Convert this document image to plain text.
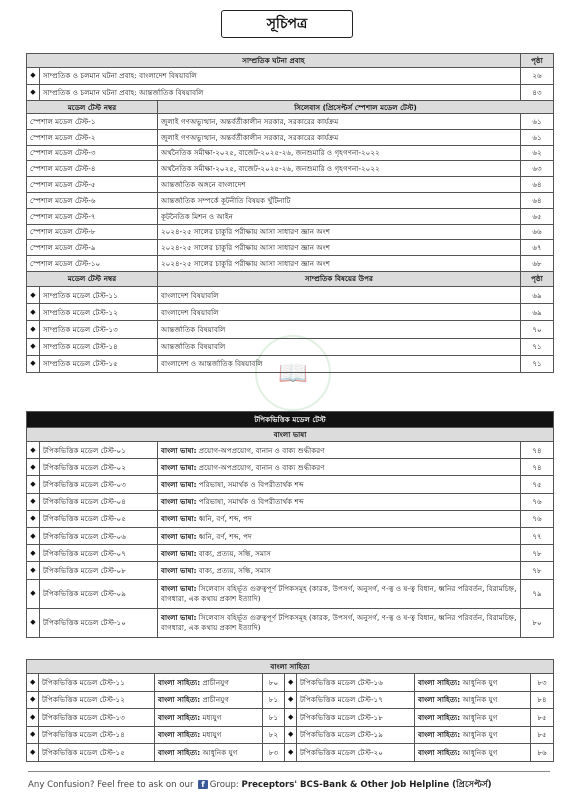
সূচিপত্র
📖
সাম্প্রতিক ঘটনা প্রবাহ			পৃষ্ঠা
◆	সাম্প্রতিক ও চলমান ঘটনা প্রবাহ: বাংলাদেশ বিষয়াবলি		২৬
◆	সাম্প্রতিক ও চলমান ঘটনা প্রবাহ: আন্তর্জাতিক বিষয়াবলি		৪৩
মডেল টেস্ট নম্বর		সিলেবাস (প্রিসেপ্টর্স স্পেশাল মডেল টেস্ট)	
স্পেশাল মডেল টেস্ট-১		জুলাই গণঅভ্যুত্থান, অন্তর্বর্তীকালীন সরকার, সরকারের কার্যক্রম	৬১
স্পেশাল মডেল টেস্ট-২		জুলাই গণঅভ্যুত্থান, অন্তর্বর্তীকালীন সরকার, সরকারের কার্যক্রম	৬১
স্পেশাল মডেল টেস্ট-৩		অর্থনৈতিক সমীক্ষা-২০২৫, বাজেট-২০২৫-২৬, জনশুমারি ও গৃহগণনা-২০২২	৬২
স্পেশাল মডেল টেস্ট-৪		অর্থনৈতিক সমীক্ষা-২০২৫, বাজেট-২০২৫-২৬, জনশুমারি ও গৃহগণনা-২০২২	৬৩
স্পেশাল মডেল টেস্ট-৫		আন্তর্জাতিক অঙ্গনে বাংলাদেশ	৬৪
স্পেশাল মডেল টেস্ট-৬		আন্তর্জাতিক সম্পর্কে কূটনীতি বিষয়ক খুঁটিনাটি	৬৪
স্পেশাল মডেল টেস্ট-৭		কূটনৈতিক মিশন ও আইন	৬৫
স্পেশাল মডেল টেস্ট-৮		২০২৪-২৫ সালের চাকুরি পরীক্ষায় আসা সাধারণ জ্ঞান অংশ	৬৬
স্পেশাল মডেল টেস্ট-৯		২০২৪-২৫ সালের চাকুরি পরীক্ষায় আসা সাধারণ জ্ঞান অংশ	৬৭
স্পেশাল মডেল টেস্ট-১০		২০২৪-২৫ সালের চাকুরি পরীক্ষায় আসা সাধারণ জ্ঞান অংশ	৬৮
মডেল টেস্ট নম্বর		সাম্প্রতিক বিষয়ের উপর	পৃষ্ঠা
◆	সাম্প্রতিক মডেল টেস্ট-১১	বাংলাদেশ বিষয়াবলি	৬৯
◆	সাম্প্রতিক মডেল টেস্ট-১২	বাংলাদেশ বিষয়াবলি	৬৯
◆	সাম্প্রতিক মডেল টেস্ট-১৩	আন্তর্জাতিক বিষয়াবলি	৭০
◆	সাম্প্রতিক মডেল টেস্ট-১৪	আন্তর্জাতিক বিষয়াবলি	৭১
◆	সাম্প্রতিক মডেল টেস্ট-১৫	বাংলাদেশ ও আন্তর্জাতিক বিষয়াবলি	৭১
টপিকভিত্তিক মডেল টেস্ট			
বাংলা ভাষা			
◆	টপিকভিত্তিক মডেল টেস্ট-০১	বাংলা ভাষা: প্রয়োগ-অপপ্রয়োগ, বানান ও বাক্য শুদ্ধীকরণ	৭৪
◆	টপিকভিত্তিক মডেল টেস্ট-০২	বাংলা ভাষা: প্রয়োগ-অপপ্রয়োগ, বানান ও বাক্য শুদ্ধীকরণ	৭৪
◆	টপিকভিত্তিক মডেল টেস্ট-০৩	বাংলা ভাষা: পরিভাষা, সমার্থক ও বিপরীতার্থক শব্দ	৭৫
◆	টপিকভিত্তিক মডেল টেস্ট-০৪	বাংলা ভাষা: পরিভাষা, সমার্থক ও বিপরীতার্থক শব্দ	৭৬
◆	টপিকভিত্তিক মডেল টেস্ট-০৫	বাংলা ভাষা: ধ্বনি, বর্ণ, শব্দ, পদ	৭৬
◆	টপিকভিত্তিক মডেল টেস্ট-০৬	বাংলা ভাষা: ধ্বনি, বর্ণ, শব্দ, পদ	৭৭
◆	টপিকভিত্তিক মডেল টেস্ট-০৭	বাংলা ভাষা: বাক্য, প্রত্যয়, সন্ধি, সমাস	৭৮
◆	টপিকভিত্তিক মডেল টেস্ট-০৮	বাংলা ভাষা: বাক্য, প্রত্যয়, সন্ধি, সমাস	৭৮
◆	টপিকভিত্তিক মডেল টেস্ট-০৯	বাংলা ভাষা: সিলেবাস বহির্ভূত গুরুত্বপূর্ণ টপিকসমূহ (কারক, উপসর্গ, অনুসর্গ, ণ-ত্ব ও ষ-ত্ব বিধান, ধ্বনির পরিবর্তন, বিরামচিহ্ন, বাগধারা, এক কথায় প্রকাশ ইত্যাদি)	৭৯
◆	টপিকভিত্তিক মডেল টেস্ট-১০	বাংলা ভাষা: সিলেবাস বহির্ভূত গুরুত্বপূর্ণ টপিকসমূহ (কারক, উপসর্গ, অনুসর্গ, ণ-ত্ব ও ষ-ত্ব বিধান, ধ্বনির পরিবর্তন, বিরামচিহ্ন, বাগধারা, এক কথায় প্রকাশ ইত্যাদি)	৮০
বাংলা সাহিত্য							
◆	টপিকভিত্তিক মডেল টেস্ট-১১	বাংলা সাহিত্য: প্রাচীনযুগ	৮০	◆	টপিকভিত্তিক মডেল টেস্ট-১৬	বাংলা সাহিত্য: আধুনিক যুগ	৮৩
◆	টপিকভিত্তিক মডেল টেস্ট-১২	বাংলা সাহিত্য: প্রাচীনযুগ	৮১	◆	টপিকভিত্তিক মডেল টেস্ট-১৭	বাংলা সাহিত্য: আধুনিক যুগ	৮৪
◆	টপিকভিত্তিক মডেল টেস্ট-১৩	বাংলা সাহিত্য: মধ্যযুগ	৮১	◆	টপিকভিত্তিক মডেল টেস্ট-১৮	বাংলা সাহিত্য: আধুনিক যুগ	৮৫
◆	টপিকভিত্তিক মডেল টেস্ট-১৪	বাংলা সাহিত্য: মধ্যযুগ	৮২	◆	টপিকভিত্তিক মডেল টেস্ট-১৯	বাংলা সাহিত্য: আধুনিক যুগ	৮৫
◆	টপিকভিত্তিক মডেল টেস্ট-১৫	বাংলা সাহিত্য: আধুনিক যুগ	৮৩	◆	টপিকভিত্তিক মডেল টেস্ট-২০	বাংলা সাহিত্য: আধুনিক যুগ	৮৬
Any Confusion? Feel free to ask on our f Group: Preceptors' BCS-Bank & Other Job Helpline (প্রিসেপ্টর্স)
